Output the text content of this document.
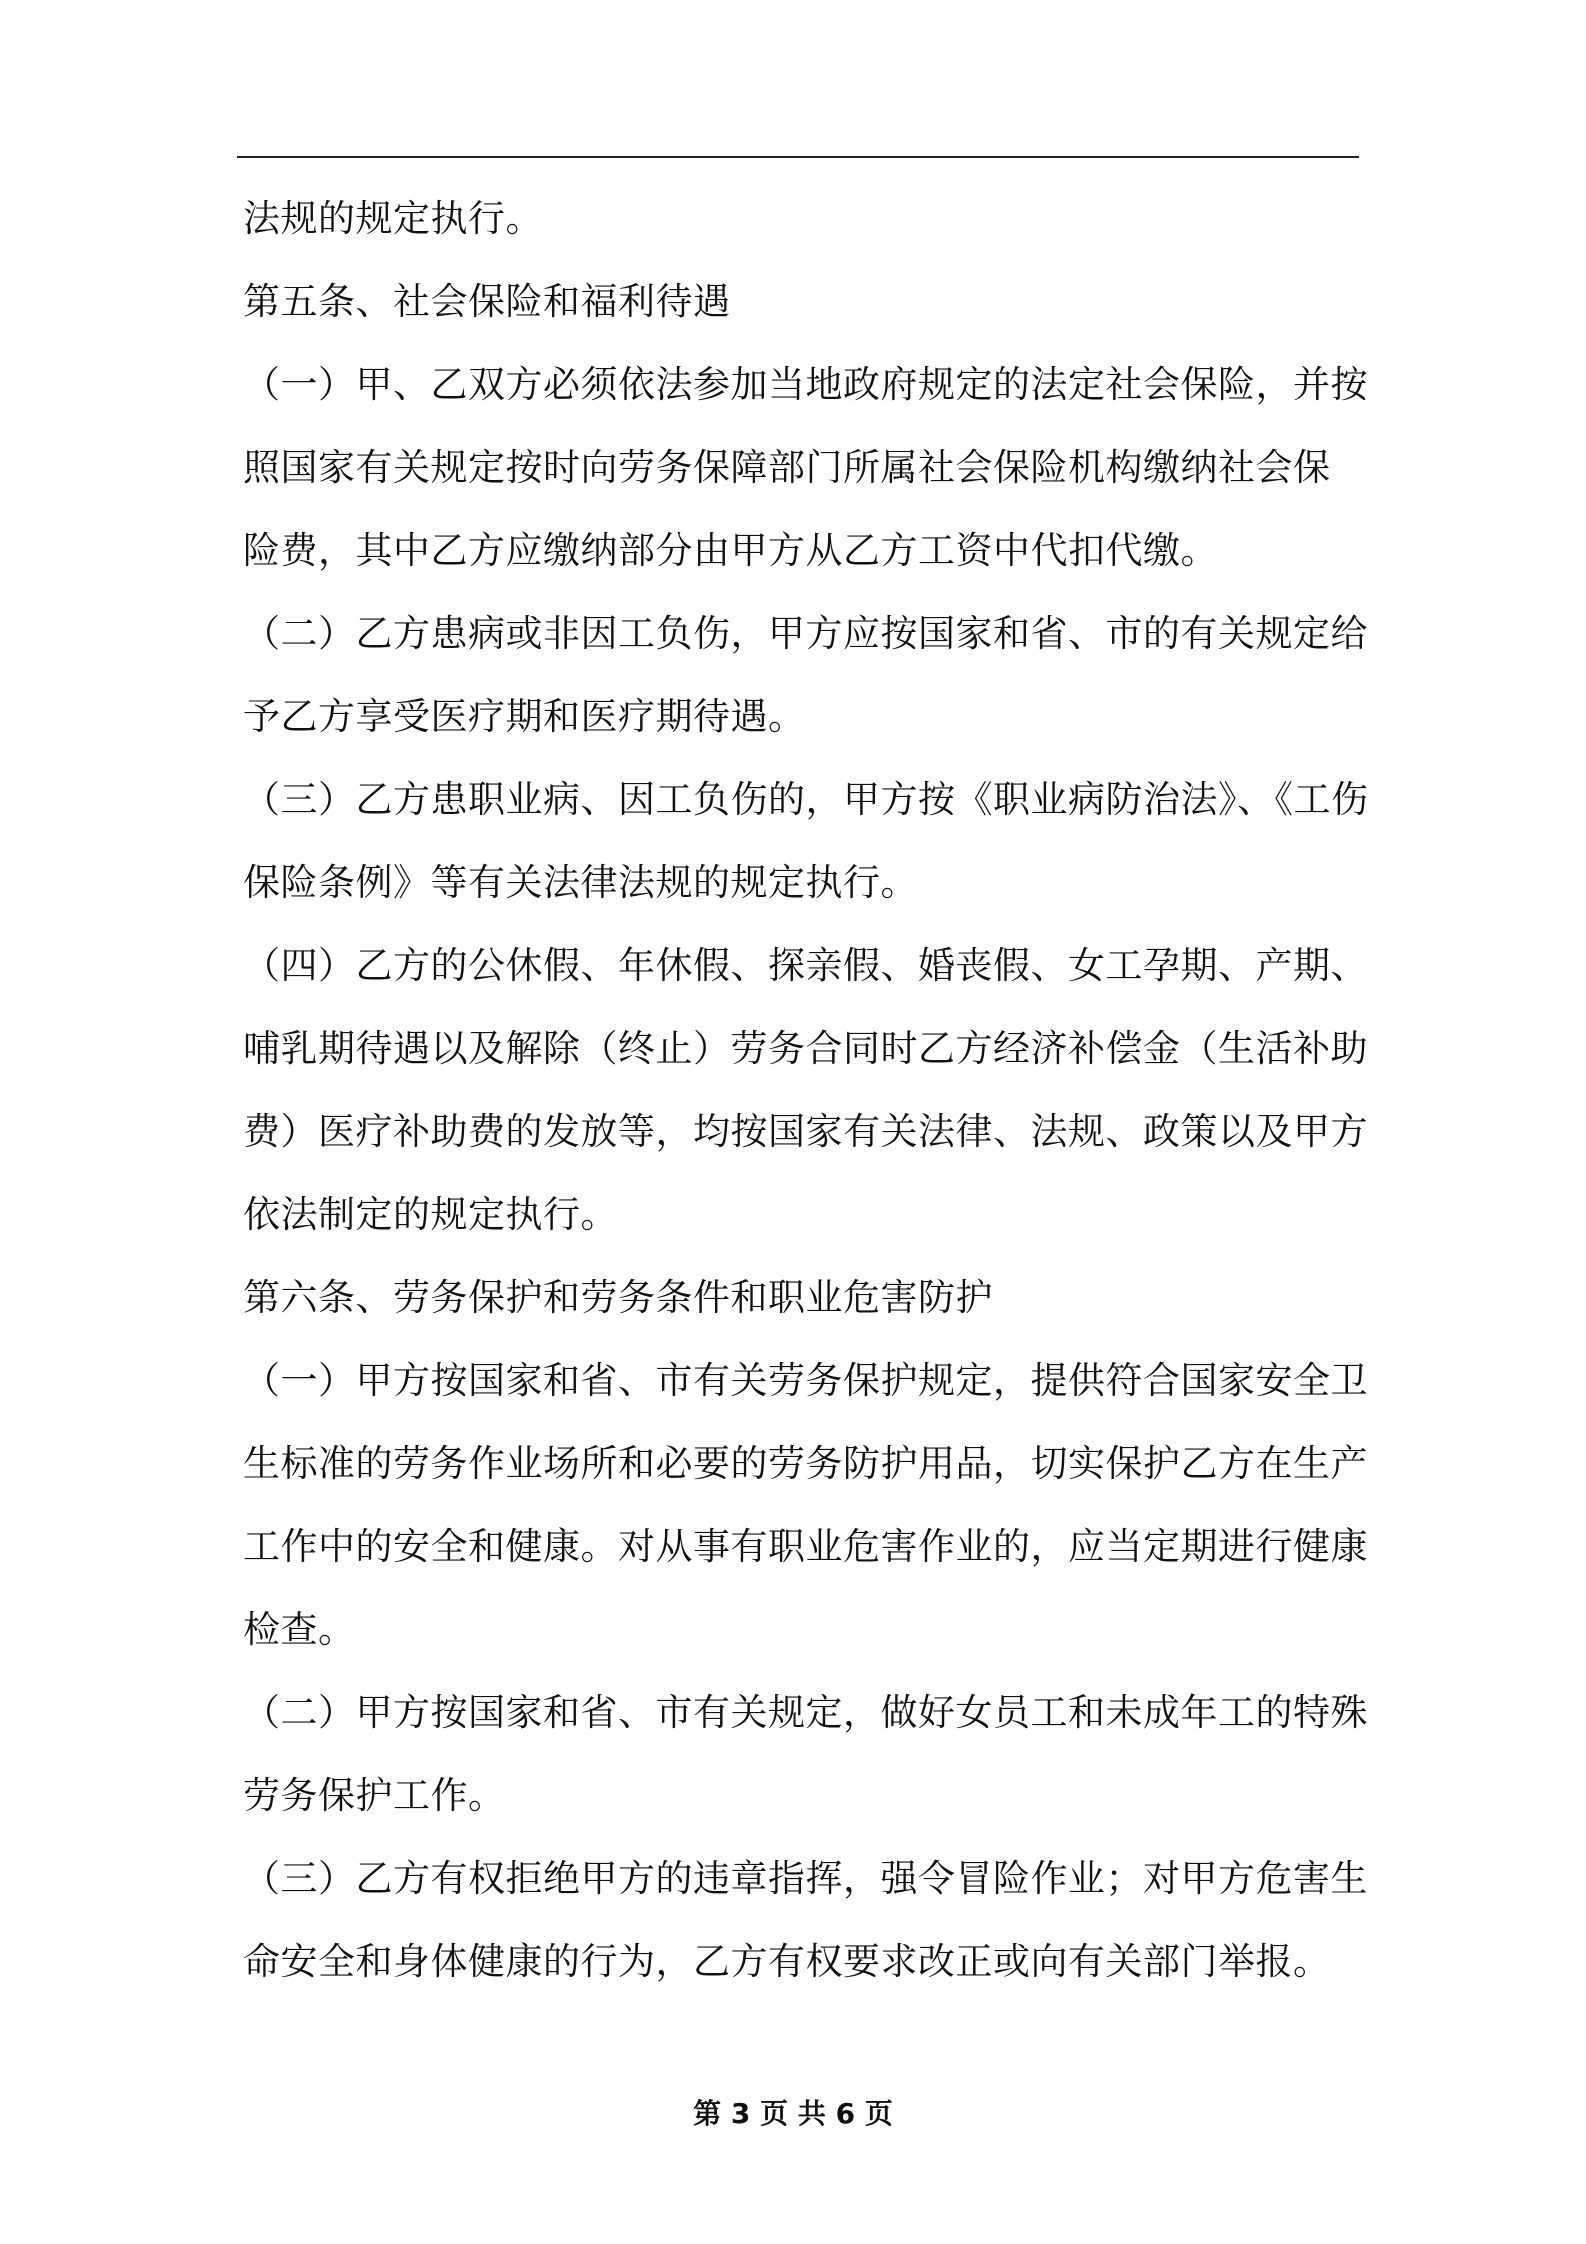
法规的规定执行。
第五条、社会保险和福利待遇
（一）甲、乙双方必须依法参加当地政府规定的法定社会保险，并按
照国家有关规定按时向劳务保障部门所属社会保险机构缴纳社会保
险费，其中乙方应缴纳部分由甲方从乙方工资中代扣代缴。
（二）乙方患病或非因工负伤，甲方应按国家和省、市的有关规定给
予乙方享受医疗期和医疗期待遇。
（三）乙方患职业病、因工负伤的，甲方按《职业病防治法》、《工伤
保险条例》等有关法律法规的规定执行。
（四）乙方的公休假、年休假、探亲假、婚丧假、女工孕期、产期、
哺乳期待遇以及解除（终止）劳务合同时乙方经济补偿金（生活补助
费）医疗补助费的发放等，均按国家有关法律、法规、政策以及甲方
依法制定的规定执行。
第六条、劳务保护和劳务条件和职业危害防护
（一）甲方按国家和省、市有关劳务保护规定，提供符合国家安全卫
生标准的劳务作业场所和必要的劳务防护用品，切实保护乙方在生产
工作中的安全和健康。对从事有职业危害作业的，应当定期进行健康
检查。
（二）甲方按国家和省、市有关规定，做好女员工和未成年工的特殊
劳务保护工作。
（三）乙方有权拒绝甲方的违章指挥，强令冒险作业；对甲方危害生
命安全和身体健康的行为，乙方有权要求改正或向有关部门举报。
第 3 页 共 6 页
